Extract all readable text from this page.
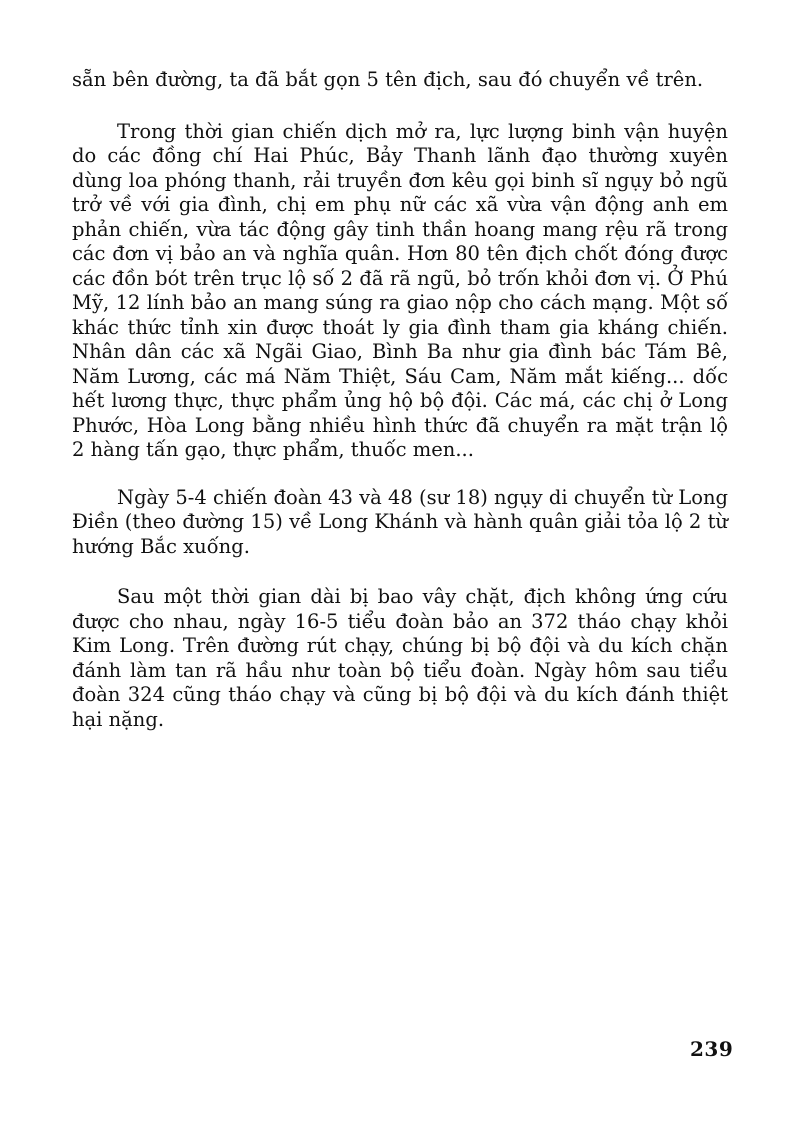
sẵn bên đường, ta đã bắt gọn 5 tên địch, sau đó chuyển về trên.

Trong thời gian chiến dịch mở ra, lực lượng binh vận huyện do các đồng chí Hai Phúc, Bảy Thanh lãnh đạo thường xuyên dùng loa phóng thanh, rải truyền đơn kêu gọi binh sĩ ngụy bỏ ngũ trở về với gia đình, chị em phụ nữ các xã vừa vận động anh em phản chiến, vừa tác động gây tinh thần hoang mang rệu rã trong các đơn vị bảo an và nghĩa quân. Hơn 80 tên địch chốt đóng được các đồn bót trên trục lộ số 2 đã rã ngũ, bỏ trốn khỏi đơn vị. Ở Phú Mỹ, 12 lính bảo an mang súng ra giao nộp cho cách mạng. Một số khác thức tỉnh xin được thoát ly gia đình tham gia kháng chiến. Nhân dân các xã Ngãi Giao, Bình Ba như gia đình bác Tám Bê, Năm Lương, các má Năm Thiệt, Sáu Cam, Năm mắt kiếng... dốc hết lương thực, thực phẩm ủng hộ bộ đội. Các má, các chị ở Long Phước, Hòa Long bằng nhiều hình thức đã chuyển ra mặt trận lộ 2 hàng tấn gạo, thực phẩm, thuốc men...

Ngày 5-4 chiến đoàn 43 và 48 (sư 18) ngụy di chuyển từ Long Điền (theo đường 15) về Long Khánh và hành quân giải tỏa lộ 2 từ hướng Bắc xuống.

Sau một thời gian dài bị bao vây chặt, địch không ứng cứu được cho nhau, ngày 16-5 tiểu đoàn bảo an 372 tháo chạy khỏi Kim Long. Trên đường rút chạy, chúng bị bộ đội và du kích chặn đánh làm tan rã hầu như toàn bộ tiểu đoàn. Ngày hôm sau tiểu đoàn 324 cũng tháo chạy và cũng bị bộ đội và du kích đánh thiệt hại nặng.

239
